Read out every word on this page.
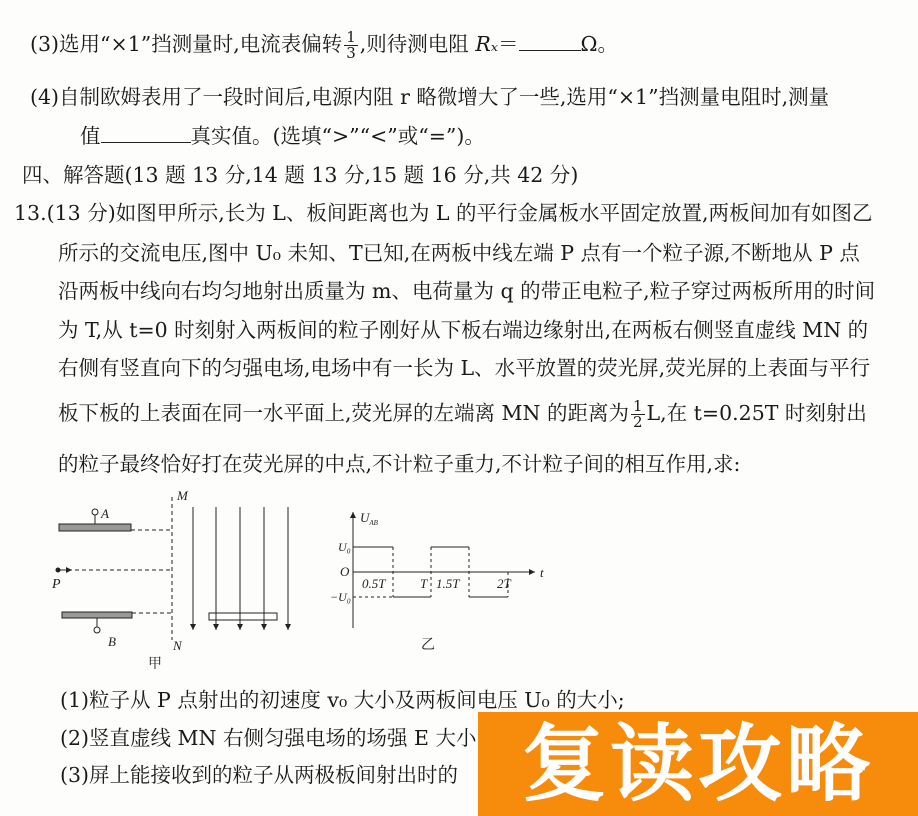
(3)选用“×1”挡测量时,电流表偏转 $\frac{1}{3}$ ,则待测电阻 Rₓ＝	Ω。
(4)自制欧姆表用了一段时间后,电源内阻 r 略微增大了一些,选用“×1”挡测量电阻时,测量
值	真实值。(选填“>”“<”或“=”)。
四、解答题(13 题 13 分,14 题 13 分,15 题 16 分,共 42 分)
13.(13 分)如图甲所示,长为 L、板间距离也为 L 的平行金属板水平固定放置,两板间加有如图乙
所示的交流电压,图中 U₀ 未知、T已知,在两板中线左端 P 点有一个粒子源,不断地从 P 点
沿两板中线向右均匀地射出质量为 m、电荷量为 q 的带正电粒子,粒子穿过两板所用的时间
为 T,从 t=0 时刻射入两板间的粒子刚好从下板右端边缘射出,在两板右侧竖直虚线 MN 的
右侧有竖直向下的匀强电场,电场中有一长为 L、水平放置的荧光屏,荧光屏的上表面与平行
板下板的上表面在同一水平面上,荧光屏的左端离 MN 的距离为 $\frac{1}{2} L$,在 t=0.25T 时刻射出
的粒子最终恰好打在荧光屏的中点,不计粒子重力,不计粒子间的相互作用,求:
A
B
P
M
N
甲
$U_{AB}$
U₀
−U₀
O	t
0.5T	T 1.5T	2T
乙
(1)粒子从 P 点射出的初速度 v₀ 大小及两板间电压 U₀ 的大小;
(2)竖直虚线 MN 右侧匀强电场的场强 E 大小
(3)屏上能接收到的粒子从两极板间射出时的 复读攻略
